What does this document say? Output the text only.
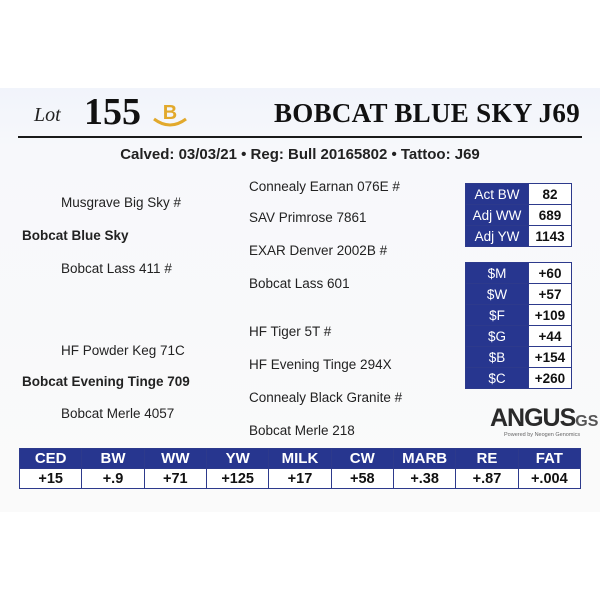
Lot 155 B	BOBCAT BLUE SKY J69
Calved: 03/03/21 • Reg: Bull 20165802 • Tattoo: J69
Connealy Earnan 076E #
Musgrave Big Sky #
SAV Primrose 7861
Bobcat Blue Sky
EXAR Denver 2002B #
Bobcat Lass 411 #
Bobcat Lass 601
HF Tiger 5T #
HF Powder Keg 71C
HF Evening Tinge 294X
Bobcat Evening Tinge 709
Connealy Black Granite #
Bobcat Merle 4057
Bobcat Merle 218
Act BW	82
Adj WW	689
Adj YW	1143
$M	+60
$W	+57
$F	+109
$G	+44
$B	+154
$C	+260
ANGUSGS
Powered by Neogen Genomics
CED	BW	WW	YW	MILK	CW	MARB	RE	FAT
+15	+.9	+71	+125	+17	+58	+.38	+.87	+.004
